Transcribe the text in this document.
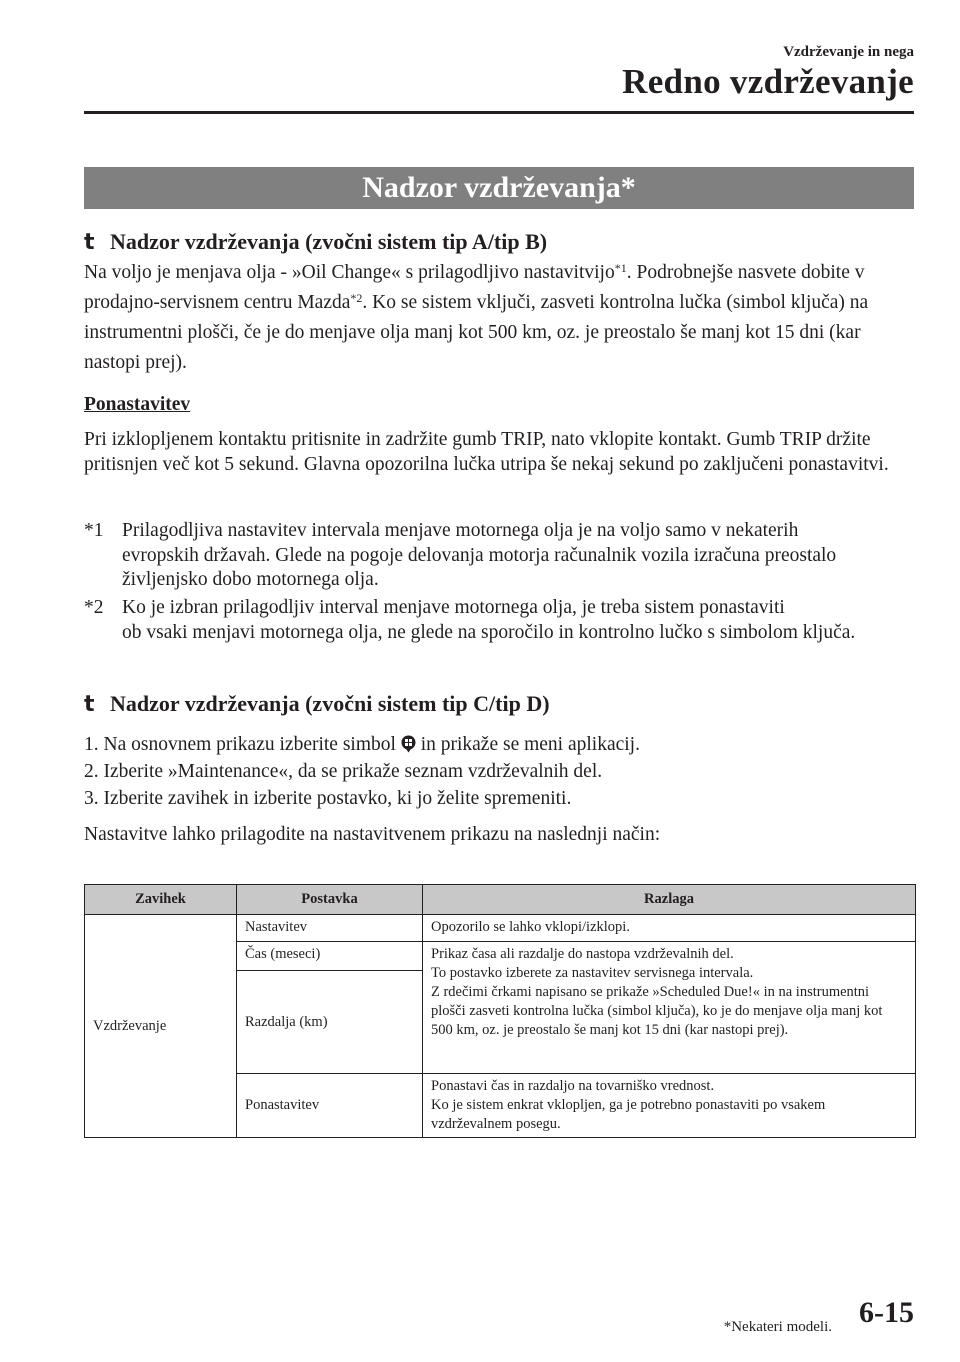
Vzdrževanje in nega
Redno vzdrževanje
Nadzor vzdrževanja*
t Nadzor vzdrževanja (zvočni sistem tip A/tip B)
Na voljo je menjava olja - »Oil Change« s prilagodljivo nastavitvijo$^{*1}$. Podrobnejše nasvete dobite v prodajno-servisnem centru Mazda$^{*2}$. Ko se sistem vključi, zasveti kontrolna lučka (simbol ključa) na instrumentni plošči, če je do menjave olja manj kot 500 km, oz. je preostalo še manj kot 15 dni (kar nastopi prej).
Ponastavitev
Pri izklopljenem kontaktu pritisnite in zadržite gumb TRIP, nato vklopite kontakt. Gumb TRIP držite pritisnjen več kot 5 sekund. Glavna opozorilna lučka utripa še nekaj sekund po zaključeni ponastavitvi.
*1 Prilagodljiva nastavitev intervala menjave motornega olja je na voljo samo v nekaterih
evropskih državah. Glede na pogoje delovanja motorja računalnik vozila izračuna preostalo življenjsko dobo motornega olja.
*2 Ko je izbran prilagodljiv interval menjave motornega olja, je treba sistem ponastaviti
ob vsaki menjavi motornega olja, ne glede na sporočilo in kontrolno lučko s simbolom ključa.
t Nadzor vzdrževanja (zvočni sistem tip C/tip D)
1. Na osnovnem prikazu izberite simbol in prikaže se meni aplikacij.
2. Izberite »Maintenance«, da se prikaže seznam vzdrževalnih del.
3. Izberite zavihek in izberite postavko, ki jo želite spremeniti.
Nastavitve lahko prilagodite na nastavitvenem prikazu na naslednji način:
Zavihek	Postavka	Razlaga
Vzdrževanje	Nastavitev	Opozorilo se lahko vklopi/izklopi.
	Čas (meseci)	Prikaz časa ali razdalje do nastopa vzdrževalnih del.
To postavko izberete za nastavitev servisnega intervala.
Z rdečimi črkami napisano se prikaže »Scheduled Due!« in na instrumentni plošči zasveti kontrolna lučka (simbol ključa), ko je do menjave olja manj kot 500 km, oz. je preostalo še manj kot 15 dni (kar nastopi prej).

	Razdalja (km)	
	Ponastavitev	Ponastavi čas in razdaljo na tovarniško vrednost.
Ko je sistem enkrat vklopljen, ga je potrebno ponastaviti po vsakem vzdrževalnem posegu.
*Nekateri modeli. 6-15
